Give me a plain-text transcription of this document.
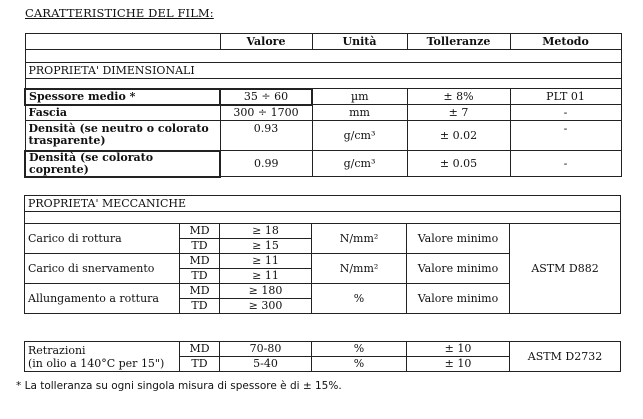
CARATTERISTICHE DEL FILM:
	Valore	Unità	Tolleranze	Metodo

PROPRIETA' DIMENSIONALI				

Spessore medio *	35 ÷ 60	µm	± 8%	PLT 01
Fascia	300 ÷ 1700	mm	± 7	-
Densità (se neutro o colorato trasparente)	0.93	g/cm³	± 0.02	-
Densità (se colorato coprente)	0.99	g/cm³	± 0.05	-
PROPRIETA' MECCANICHE					

Carico di rottura	MD	≥ 18	N/mm²	Valore minimo	ASTM D882
	TD	≥ 15			
Carico di snervamento	MD	≥ 11	N/mm²	Valore minimo	
	TD	≥ 11			
Allungamento a rottura	MD	≥ 180	%	Valore minimo	
	TD	≥ 300			
Retrazioni
(in olio a 140°C per 15")	MD	70-80	%	± 10	ASTM D2732
	TD	5-40	%	± 10	
* La tolleranza su ogni singola misura di spessore è di ± 15%.
